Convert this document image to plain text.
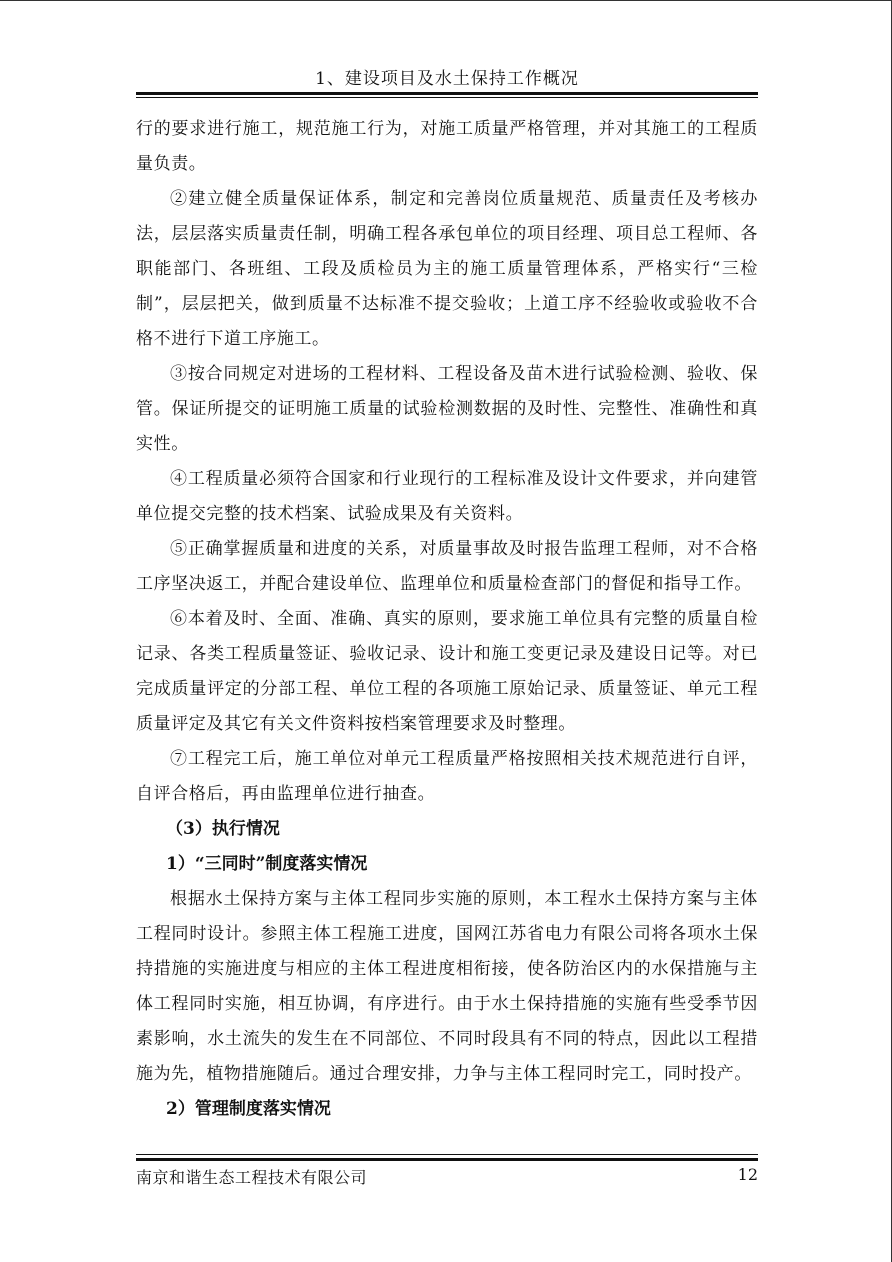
1、建设项目及水土保持工作概况

行的要求进行施工，规范施工行为，对施工质量严格管理，并对其施工的工程质量负责。

②建立健全质量保证体系，制定和完善岗位质量规范、质量责任及考核办法，层层落实质量责任制，明确工程各承包单位的项目经理、项目总工程师、各职能部门、各班组、工段及质检员为主的施工质量管理体系，严格实行“三检制”，层层把关，做到质量不达标准不提交验收；上道工序不经验收或验收不合格不进行下道工序施工。

③按合同规定对进场的工程材料、工程设备及苗木进行试验检测、验收、保管。保证所提交的证明施工质量的试验检测数据的及时性、完整性、准确性和真实性。

④工程质量必须符合国家和行业现行的工程标准及设计文件要求，并向建管单位提交完整的技术档案、试验成果及有关资料。

⑤正确掌握质量和进度的关系，对质量事故及时报告监理工程师，对不合格工序坚决返工，并配合建设单位、监理单位和质量检查部门的督促和指导工作。

⑥本着及时、全面、准确、真实的原则，要求施工单位具有完整的质量自检记录、各类工程质量签证、验收记录、设计和施工变更记录及建设日记等。对已完成质量评定的分部工程、单位工程的各项施工原始记录、质量签证、单元工程质量评定及其它有关文件资料按档案管理要求及时整理。

⑦工程完工后，施工单位对单元工程质量严格按照相关技术规范进行自评，自评合格后，再由监理单位进行抽查。

（3）执行情况

1）“三同时”制度落实情况

根据水土保持方案与主体工程同步实施的原则，本工程水土保持方案与主体工程同时设计。参照主体工程施工进度，国网江苏省电力有限公司将各项水土保持措施的实施进度与相应的主体工程进度相衔接，使各防治区内的水保措施与主体工程同时实施，相互协调，有序进行。由于水土保持措施的实施有些受季节因素影响，水土流失的发生在不同部位、不同时段具有不同的特点，因此以工程措施为先，植物措施随后。通过合理安排，力争与主体工程同时完工，同时投产。

2）管理制度落实情况

南京和谐生态工程技术有限公司	12
